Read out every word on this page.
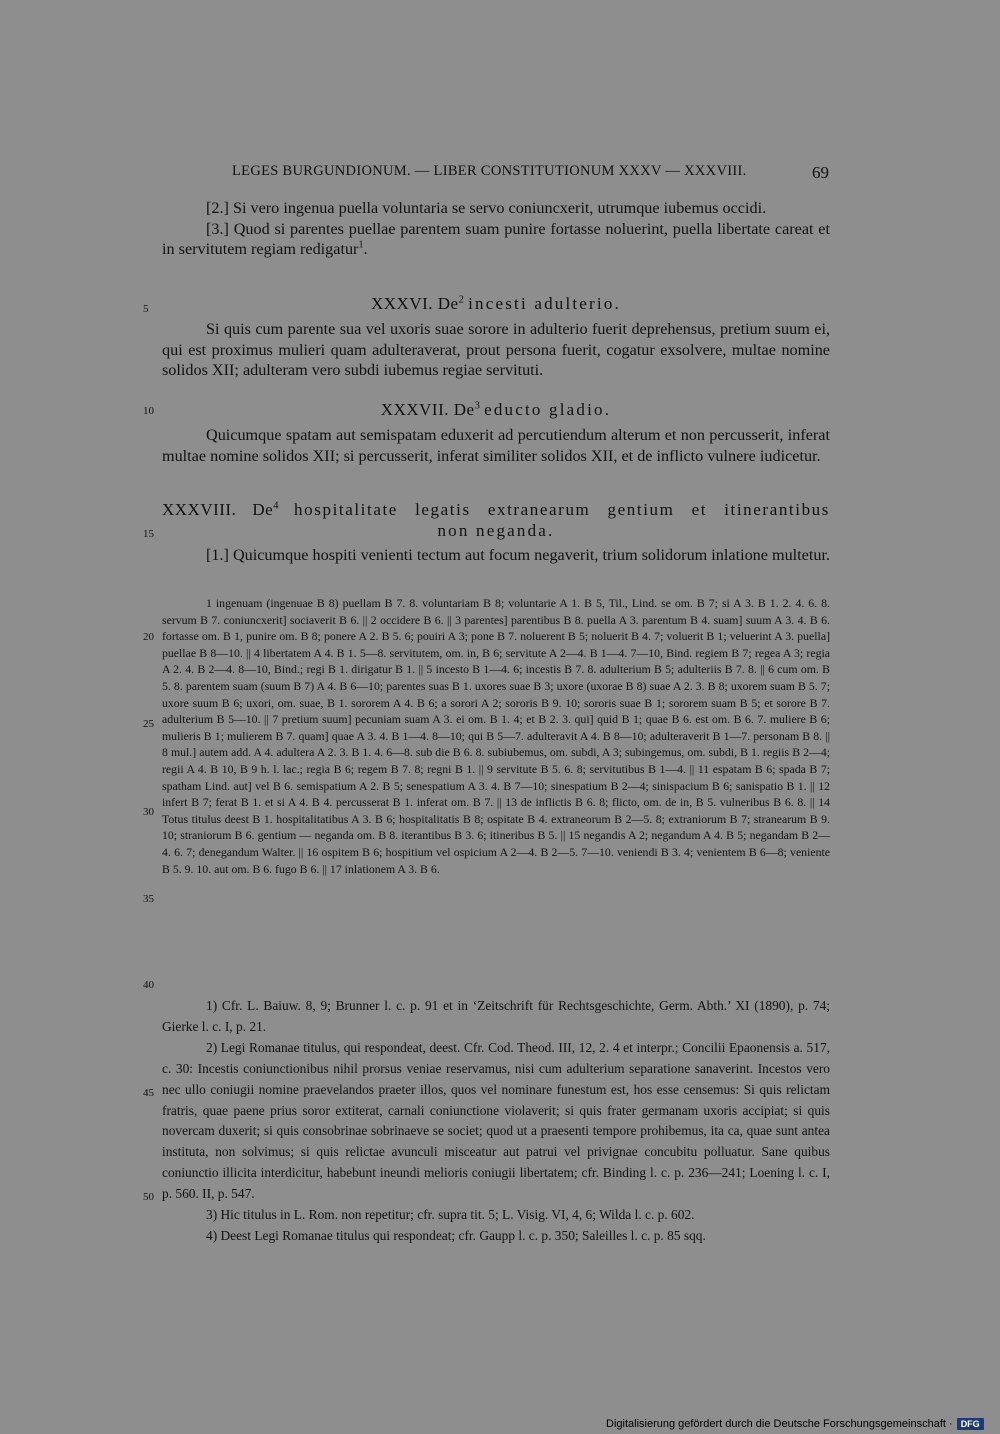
LEGES BURGUNDIONUM. — LIBER CONSTITUTIONUM XXXV — XXXVIII.	69
5
10
15
20
25
30
35
40
45
50

[2.] Si vero ingenua puella voluntaria se servo coniuncxerit, utrumque iubemus occidi.

[3.] Quod si parentes puellae parentem suam punire fortasse noluerint, puella libertate careat et in servitutem regiam redigatur$^1$.

XXXVI. De$^2$ incesti adulterio.

Si quis cum parente sua vel uxoris suae sorore in adulterio fuerit deprehensus, pretium suum ei, qui est proximus mulieri quam adulteraverat, prout persona fuerit, cogatur exsolvere, multae nomine solidos XII; adulteram vero subdi iubemus regiae servituti.

XXXVII. De$^3$ educto gladio.

Quicumque spatam aut semispatam eduxerit ad percutiendum alterum et non percusserit, inferat multae nomine solidos XII; si percusserit, inferat similiter solidos XII, et de inflicto vulnere iudicetur.

XXXVIII. De$^4$ hospitalitate legatis extranearum gentium et itinerantibus

non neganda.

[1.] Quicumque hospiti venienti tectum aut focum negaverit, trium solidorum inlatione multetur.

1 ingenuam (ingenuae B 8) puellam B 7. 8. voluntariam B 8; voluntarie A 1. B 5, Til., Lind. se om. B 7; si A 3. B 1. 2. 4. 6. 8. servum B 7. coniuncxerit] sociaverit B 6. || 2 occidere B 6. || 3 parentes] parentibus B 8. puella A 3. parentum B 4. suam] suum A 3. 4. B 6. fortasse om. B 1, punire om. B 8; ponere A 2. B 5. 6; pouiri A 3; pone B 7. noluerent B 5; noluerit B 4. 7; voluerit B 1; veluerint A 3. puella] puellae B 8—10. || 4 libertatem A 4. B 1. 5—8. servitutem, om. in, B 6; servitute A 2—4. B 1—4. 7—10, Bind. regiem B 7; regea A 3; regia A 2. 4. B 2—4. 8—10, Bind.; regi B 1. dirigatur B 1. || 5 incesto B 1—4. 6; incestis B 7. 8. adulterium B 5; adulteriis B 7. 8. || 6 cum om. B 5. 8. parentem suam (suum B 7) A 4. B 6—10; parentes suas B 1. uxores suae B 3; uxore (uxorae B 8) suae A 2. 3. B 8; uxorem suam B 5. 7; uxore suum B 6; uxori, om. suae, B 1. sororem A 4. B 6; a sorori A 2; sororis B 9. 10; sororis suae B 1; sororem suam B 5; et sorore B 7. adulterium B 5—10. || 7 pretium suum] pecuniam suam A 3. ei om. B 1. 4; et B 2. 3. qui] quid B 1; quae B 6. est om. B 6. 7. muliere B 6; mulieris B 1; mulierem B 7. quam] quae A 3. 4. B 1—4. 8—10; qui B 5—7. adulteravit A 4. B 8—10; adulteraverit B 1—7. personam B 8. || 8 mul.] autem add. A 4. adultera A 2. 3. B 1. 4. 6—8. sub die B 6. 8. subiubemus, om. subdi, A 3; subingemus, om. subdi, B 1. regiis B 2—4; regii A 4. B 10, B 9 h. l. lac.; regia B 6; regem B 7. 8; regni B 1. || 9 servitute B 5. 6. 8; servitutibus B 1—4. || 11 espatam B 6; spada B 7; spatham Lind. aut] vel B 6. semispatium A 2. B 5; senespatium A 3. 4. B 7—10; sinespatium B 2—4; sinispacium B 6; sanispatio B 1. || 12 infert B 7; ferat B 1. et si A 4. B 4. percusserat B 1. inferat om. B 7. || 13 de inflictis B 6. 8; flicto, om. de in, B 5. vulneribus B 6. 8. || 14 Totus titulus deest B 1. hospitalitatibus A 3. B 6; hospitalitatis B 8; ospitate B 4. extraneorum B 2—5. 8; extraniorum B 7; stranearum B 9. 10; straniorum B 6. gentium — neganda om. B 8. iterantibus B 3. 6; itineribus B 5. || 15 negandis A 2; negandum A 4. B 5; negandam B 2—4. 6. 7; denegandum Walter. || 16 ospitem B 6; hospitium vel ospicium A 2—4. B 2—5. 7—10. veniendi B 3. 4; venientem B 6—8; veniente B 5. 9. 10. aut om. B 6. fugo B 6. || 17 inlationem A 3. B 6.

1) Cfr. L. Baiuw. 8, 9; Brunner l. c. p. 91 et in ‘Zeitschrift für Rechtsgeschichte, Germ. Abth.’ XI (1890), p. 74; Gierke l. c. I, p. 21.

2) Legi Romanae titulus, qui respondeat, deest. Cfr. Cod. Theod. III, 12, 2. 4 et interpr.; Concilii Epaonensis a. 517, c. 30: Incestis coniunctionibus nihil prorsus veniae reservamus, nisi cum adulterium separatione sanaverint. Incestos vero nec ullo coniugii nomine praevelandos praeter illos, quos vel nominare funestum est, hos esse censemus: Si quis relictam fratris, quae paene prius soror extiterat, carnali coniunctione violaverit; si quis frater germanam uxoris accipiat; si quis novercam duxerit; si quis consobrinae sobrinaeve se societ; quod ut a praesenti tempore prohibemus, ita ca, quae sunt antea instituta, non solvimus; si quis relictae avunculi misceatur aut patrui vel privignae concubitu polluatur. Sane quibus coniunctio illicita interdicitur, habebunt ineundi melioris coniugii libertatem; cfr. Binding l. c. p. 236—241; Loening l. c. I, p. 560. II, p. 547.

3) Hic titulus in L. Rom. non repetitur; cfr. supra tit. 5; L. Visig. VI, 4, 6; Wilda l. c. p. 602.

4) Deest Legi Romanae titulus qui respondeat; cfr. Gaupp l. c. p. 350; Saleilles l. c. p. 85 sqq.

Digitalisierung gefördert durch die Deutsche Forschungsgemeinschaft · DFG
